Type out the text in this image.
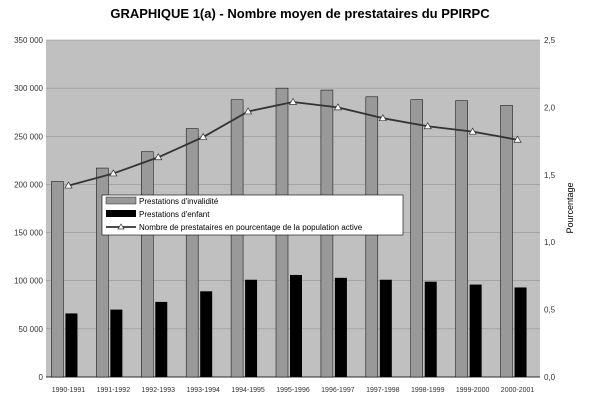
GRAPHIQUE 1(a) - Nombre moyen de prestataires du PPIRPC
0
50 000
100 000
150 000
200 000
250 000
300 000
350 000
0,0
0,5
1,0
1,5
2,0
2,5
1990-1991 1991-1992 1992-1993 1993-1994 1994-1995 1995-1996 1996-1997 1997-1998 1998-1999 1999-2000 2000-2001
Pourcentage
Prestations d'invalidité
Prestations d'enfant
Nombre de prestataires en pourcentage de la population active
